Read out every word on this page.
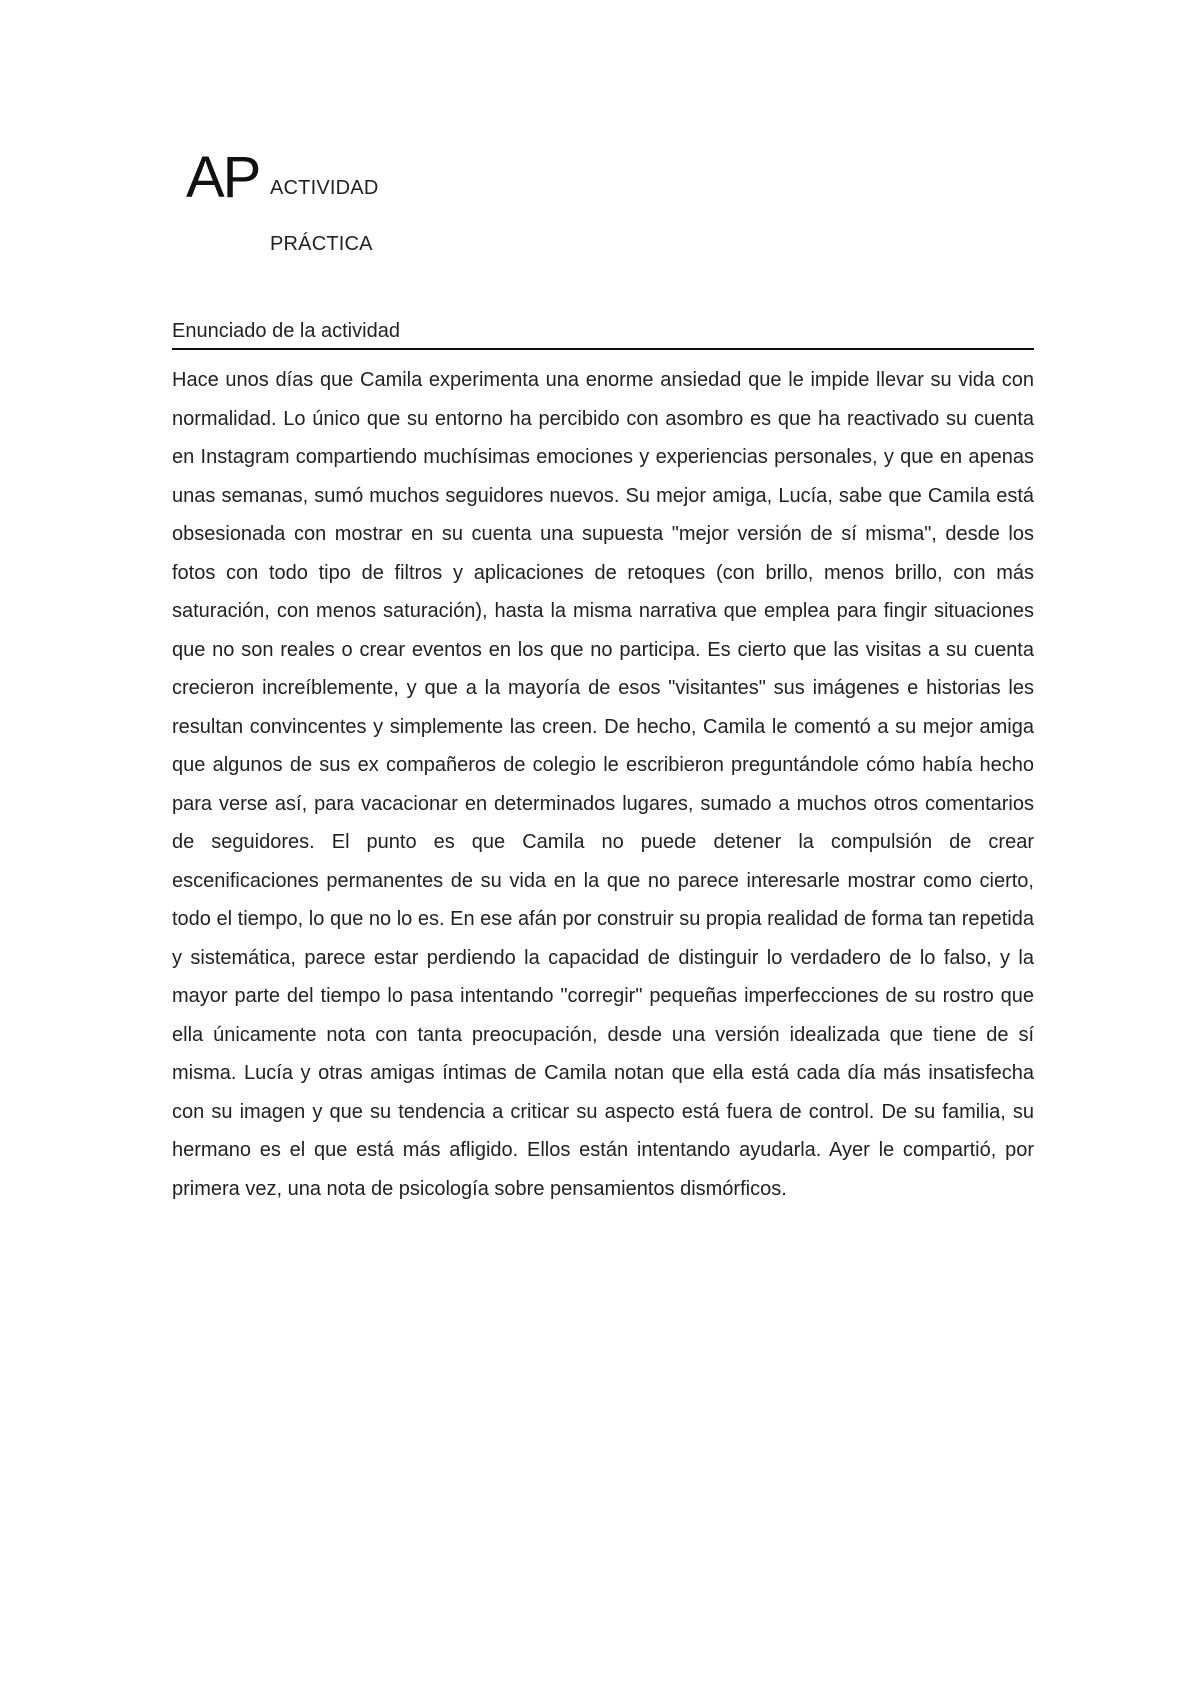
AP ACTIVIDAD
PRÁCTICA
Enunciado de la actividad

Hace unos días que Camila experimenta una enorme ansiedad que le impide llevar su vida con normalidad. Lo único que su entorno ha percibido con asombro es que ha reactivado su cuenta en Instagram compartiendo muchísimas emociones y experiencias personales, y que en apenas unas semanas, sumó muchos seguidores nuevos. Su mejor amiga, Lucía, sabe que Camila está obsesionada con mostrar en su cuenta una supuesta "mejor versión de sí misma", desde los fotos con todo tipo de filtros y aplicaciones de retoques (con brillo, menos brillo, con más saturación, con menos saturación), hasta la misma narrativa que emplea para fingir situaciones que no son reales o crear eventos en los que no participa. Es cierto que las visitas a su cuenta crecieron increíblemente, y que a la mayoría de esos "visitantes" sus imágenes e historias les resultan convincentes y simplemente las creen. De hecho, Camila le comentó a su mejor amiga que algunos de sus ex compañeros de colegio le escribieron preguntándole cómo había hecho para verse así, para vacacionar en determinados lugares, sumado a muchos otros comentarios de seguidores. El punto es que Camila no puede detener la compulsión de crear escenificaciones permanentes de su vida en la que no parece interesarle mostrar como cierto, todo el tiempo, lo que no lo es. En ese afán por construir su propia realidad de forma tan repetida y sistemática, parece estar perdiendo la capacidad de distinguir lo verdadero de lo falso, y la mayor parte del tiempo lo pasa intentando "corregir" pequeñas imperfecciones de su rostro que ella únicamente nota con tanta preocupación, desde una versión idealizada que tiene de sí misma. Lucía y otras amigas íntimas de Camila notan que ella está cada día más insatisfecha con su imagen y que su tendencia a criticar su aspecto está fuera de control. De su familia, su hermano es el que está más afligido. Ellos están intentando ayudarla. Ayer le compartió, por primera vez, una nota de psicología sobre pensamientos dismórficos.
